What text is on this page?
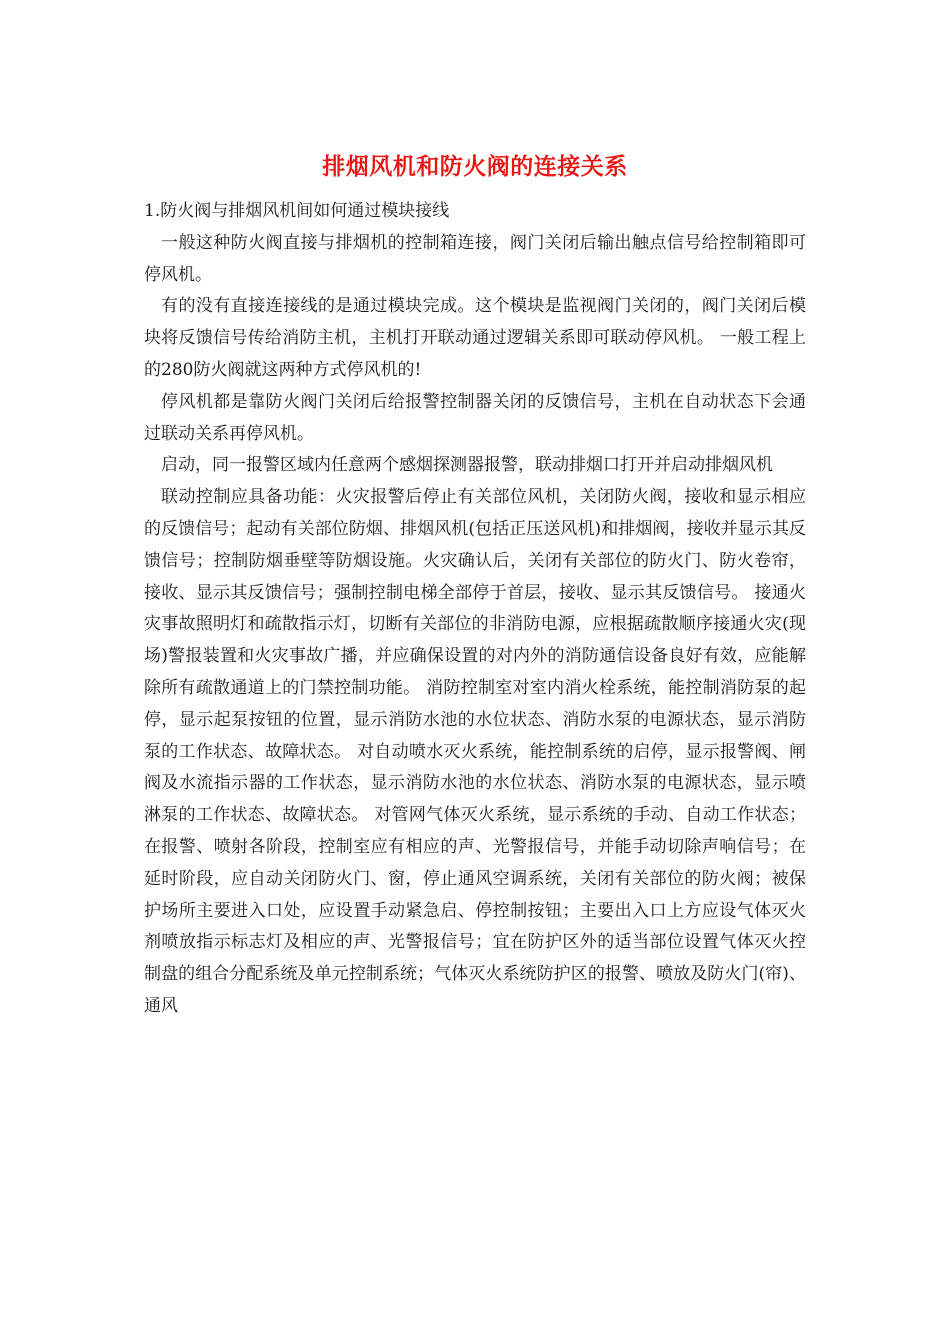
排烟风机和防火阀的连接关系

1.防火阀与排烟风机间如何通过模块接线

一般这种防火阀直接与排烟机的控制箱连接，阀门关闭后输出触点信号给控制箱即可停风机。

有的没有直接连接线的是通过模块完成。这个模块是监视阀门关闭的，阀门关闭后模块将反馈信号传给消防主机，主机打开联动通过逻辑关系即可联动停风机。 一般工程上的280防火阀就这两种方式停风机的!

停风机都是靠防火阀门关闭后给报警控制器关闭的反馈信号，主机在自动状态下会通过联动关系再停风机。

启动，同一报警区域内任意两个感烟探测器报警，联动排烟口打开并启动排烟风机

联动控制应具备功能：火灾报警后停止有关部位风机，关闭防火阀，接收和显示相应的反馈信号；起动有关部位防烟、排烟风机(包括正压送风机)和排烟阀，接收并显示其反馈信号；控制防烟垂壁等防烟设施。火灾确认后，关闭有关部位的防火门、防火卷帘，接收、显示其反馈信号；强制控制电梯全部停于首层，接收、显示其反馈信号。 接通火灾事故照明灯和疏散指示灯，切断有关部位的非消防电源，应根据疏散顺序接通火灾(现场)警报装置和火灾事故广播，并应确保设置的对内外的消防通信设备良好有效，应能解除所有疏散通道上的门禁控制功能。 消防控制室对室内消火栓系统，能控制消防泵的起停，显示起泵按钮的位置，显示消防水池的水位状态、消防水泵的电源状态，显示消防泵的工作状态、故障状态。 对自动喷水灭火系统，能控制系统的启停，显示报警阀、闸阀及水流指示器的工作状态，显示消防水池的水位状态、消防水泵的电源状态，显示喷淋泵的工作状态、故障状态。 对管网气体灭火系统，显示系统的手动、自动工作状态；在报警、喷射各阶段，控制室应有相应的声、光警报信号，并能手动切除声响信号；在延时阶段，应自动关闭防火门、窗，停止通风空调系统，关闭有关部位的防火阀；被保护场所主要进入口处，应设置手动紧急启、停控制按钮；主要出入口上方应设气体灭火剂喷放指示标志灯及相应的声、光警报信号；宜在防护区外的适当部位设置气体灭火控制盘的组合分配系统及单元控制系统；气体灭火系统防护区的报警、喷放及防火门(帘)、通风
